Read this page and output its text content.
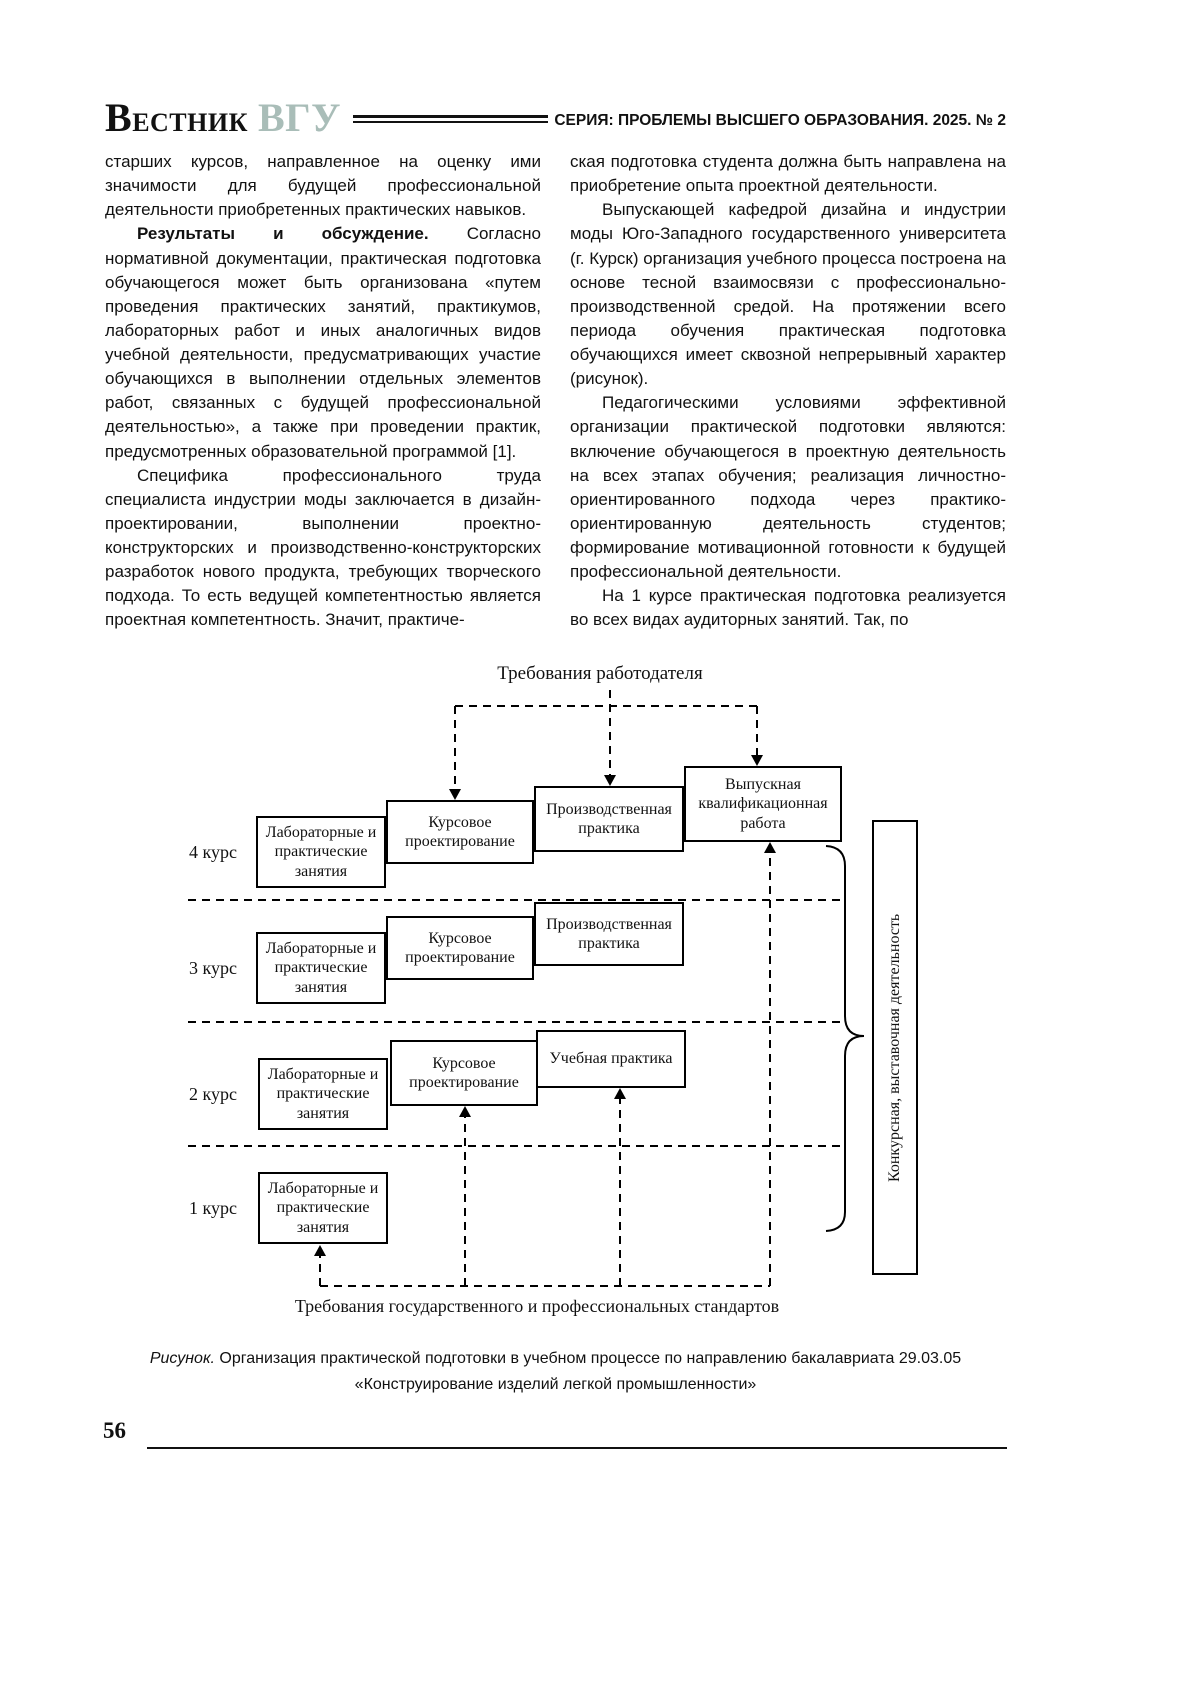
ВЕСТНИК ВГУ	СЕРИЯ: ПРОБЛЕМЫ ВЫСШЕГО ОБРАЗОВАНИЯ. 2025. № 2

старших курсов, направленное на оценку ими значимости для будущей профессиональной деятельности приобретенных практических навыков.

Результаты и обсуждение. Согласно нормативной документации, практическая подготовка обучающегося может быть организована «путем проведения практических занятий, практикумов, лабораторных работ и иных аналогичных видов учебной деятельности, предусматривающих участие обучающихся в выполнении отдельных элементов работ, связанных с будущей профессиональной деятельностью», а также при проведении практик, предусмотренных образовательной программой [1].

Специфика профессионального труда специалиста индустрии моды заключается в дизайн-проектировании, выполнении проектно-конструкторских и производственно-конструкторских разработок нового продукта, требующих творческого подхода. То есть ведущей компетентностью является проектная компетентность. Значит, практиче-

ская подготовка студента должна быть направлена на приобретение опыта проектной деятельности.

Выпускающей кафедрой дизайна и индустрии моды Юго-Западного государственного университета (г. Курск) организация учебного процесса построена на основе тесной взаимосвязи с профессионально-производственной средой. На протяжении всего периода обучения практическая подготовка обучающихся имеет сквозной непрерывный характер (рисунок).

Педагогическими условиями эффективной организации практической подготовки являются: включение обучающегося в проектную деятельность на всех этапах обучения; реализация личностно-ориентированного подхода через практико-ориентированную деятельность студентов; формирование мотивационной готовности к будущей профессиональной деятельности.

На 1 курсе практическая подготовка реализуется во всех видах аудиторных занятий. Так, по

Требования работодателя
4 курс
3 курс
2 курс
1 курс
Лабораторные и практические занятия
Курсовое проектирование
Производственная практика
Выпускная квалификационная работа
Лабораторные и практические занятия
Курсовое проектирование
Производственная практика
Лабораторные и практические занятия
Курсовое проектирование
Учебная практика
Лабораторные и практические занятия
Конкурсная, выставочная деятельность
Требования государственного и профессиональных стандартов
Рисунок. Организация практической подготовки в учебном процессе по направлению бакалавриата 29.03.05
«Конструирование изделий легкой промышленности»
56
